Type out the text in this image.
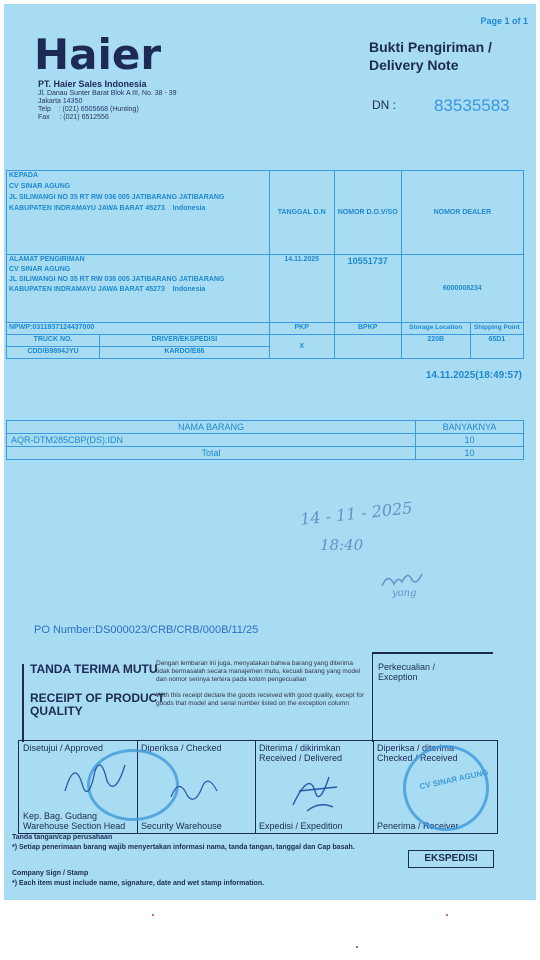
Haier
PT. Haier Sales Indonesia
Jl. Danau Sunter Barat Blok A III, No. 38 - 39
Jakarta 14350
Telp    : (021) 6505668 (Hunting)
Fax     : (021) 6512556
Page 1 of 1
Bukti Pengiriman /
Delivery Note
DN : 83535583
KEPADA
CV SINAR AGUNG
JL SILIWANGI NO 35 RT RW 036 005 JATIBARANG JATIBARANG
KABUPATEN INDRAMAYU JAWA BARAT 45273 Indonesia		TANGGAL D.N	NOMOR D.O.V/SO	NOMOR DEALER	

ALAMAT PENGIRIMAN
CV SINAR AGUNG
JL SILIWANGI NO 35 RT RW 036 005 JATIBARANG JATIBARANG
KABUPATEN INDRAMAYU JAWA BARAT 45273 Indonesia		14.11.2025	10551737	6000008234	
NPWP:0311937124437000		PKP	BPKP	Storage Location	Shipping Point
TRUCK NO.	DRIVER/EKSPEDISI	X		220B	65D1
CDD/B9894JYU	KARDO/E86				
14.11.2025(18:49:57)
NAMA BARANG	BANYAKNYA
AQR-DTM285CBP(DS):IDN	10
Total	10
14 - 11 - 2025
18:40
yong
PO Number:DS000023/CRB/CRB/000B/11/25
TANDA TERIMA MUTU
RECEIPT OF PRODUCT
QUALITY
Dengan lembaran ini juga, menyatakan bahwa barang yang diterima tidak bermasalah secara manajemen mutu, kecuali barang yang model dan nomor serinya tertera pada kolom pengecualian
With this receipt declare the goods received with good quality, except for goods that model and serial number listed on the exception column
Perkecualian /
Exception
Disetujui / Approved
Kep. Bag. Gudang
Warehouse Section Head
Diperiksa / Checked
Security Warehouse
Diterima / dikirimkan
Received / Delivered
Expedisi / Expedition
Diperiksa / diterima
Checked / Received
Penerima / Receiver
CV SINAR AGUNG
Tanda tangan/cap perusahaan
*) Setiap penerimaan barang wajib menyertakan informasi nama, tanda tangan, tanggal dan Cap basah.
EKSPEDISI
Company Sign / Stamp
*) Each item must include name, signature, date and wet stamp information.
